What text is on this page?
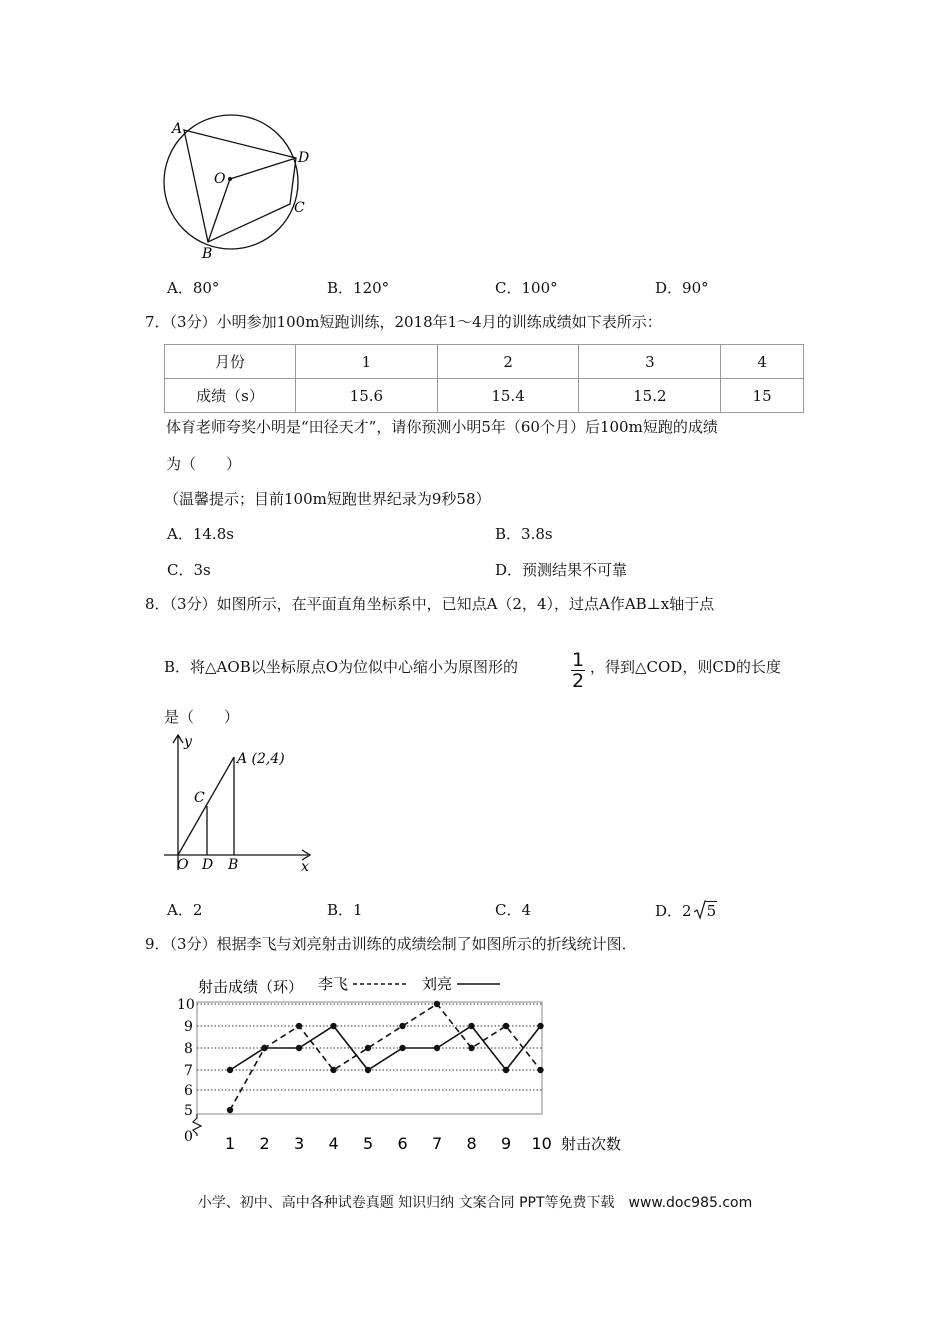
A
D
C
B
O
A．80°	B．120°	C．100°	D．90°
7．（3分）小明参加100m短跑训练，2018年1～4月的训练成绩如下表所示：
月份	1	2	3	4
成绩（s）	15.6	15.4	15.2	15
体育老师夸奖小明是“田径天才”，请你预测小明5年（60个月）后100m短跑的成绩
为（　　）
（温馨提示；目前100m短跑世界纪录为9秒58）
A．14.8s	B．3.8s
C．3s	D．预测结果不可靠
8．（3分）如图所示，在平面直角坐标系中，已知点A（2，4），过点A作AB⊥x轴于点
B．将△AOB以坐标原点O为位似中心缩小为原图形的	1
2
，得到△COD，则CD的长度
是（　　）
y
x
A (2,4)
C
O D B
A．2	B．1	C．4	D．2 5
9．（3分）根据李飞与刘亮射击训练的成绩绘制了如图所示的折线统计图．
射击成绩（环） 李飞	刘亮
射击次数
0
5
6
7
8
9
10
1 2 3 4 5 6 7 8 9 10
小学、初中、高中各种试卷真题 知识归纳 文案合同 PPT等免费下载　www.doc985.com
